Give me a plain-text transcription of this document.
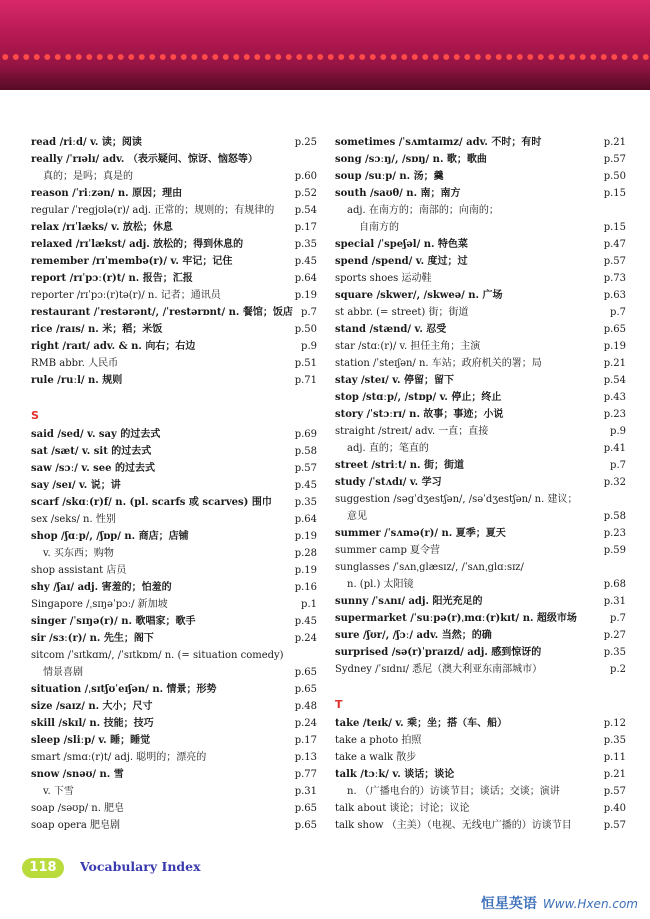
read /riːd/ v. 读；阅读	p.25
really /ˈrɪəlɪ/ adv. （表示疑问、惊讶、恼怒等）
真的；是吗；真是的	p.60
reason /ˈriːzən/ n. 原因；理由	p.52
regular /ˈregjʊlə(r)/ adj. 正常的；规则的；有规律的 p.54
relax /rɪˈlæks/ v. 放松；休息	p.17
relaxed /rɪˈlækst/ adj. 放松的；得到休息的	p.35
remember /rɪˈmembə(r)/ v. 牢记；记住	p.45
report /rɪˈpɔː(r)t/ n. 报告；汇报	p.64
reporter /rɪˈpɔː(r)tə(r)/ n. 记者；通讯员	p.19
restaurant /ˈrestərənt/, /ˈrestərɒnt/ n. 餐馆；饭店 p.7
rice /raɪs/ n. 米；稻；米饭	p.50
right /raɪt/ adv. & n. 向右；右边	p.9
RMB abbr. 人民币	p.51
rule /ruːl/ n. 规则	p.71
S
said /sed/ v. say 的过去式	p.69
sat /sæt/ v. sit 的过去式	p.58
saw /sɔː/ v. see 的过去式	p.57
say /seɪ/ v. 说；讲	p.45
scarf /skɑː(r)f/ n. (pl. scarfs 或 scarves) 围巾 p.35
sex /seks/ n. 性别	p.64
shop /ʃɑːp/, /ʃɒp/ n. 商店；店铺	p.19
v. 买东西；购物	p.28
shop assistant 店员	p.19
shy /ʃaɪ/ adj. 害羞的；怕羞的	p.16
Singapore /ˌsɪŋəˈpɔː/ 新加坡	p.1
singer /ˈsɪŋə(r)/ n. 歌唱家；歌手	p.45
sir /sɜː(r)/ n. 先生；阁下	p.24
sitcom /ˈsɪtkɑm/, /ˈsɪtkɒm/ n. (= situation comedy)
情景喜剧	p.65
situation /ˌsɪtʃʊˈeɪʃən/ n. 情景；形势	p.65
size /saɪz/ n. 大小；尺寸	p.48
skill /skɪl/ n. 技能；技巧	p.24
sleep /sliːp/ v. 睡；睡觉	p.17
smart /smɑː(r)t/ adj. 聪明的；漂亮的	p.13
snow /snəʊ/ n. 雪	p.77
v. 下雪	p.31
soap /səʊp/ n. 肥皂	p.65
soap opera 肥皂剧	p.65
sometimes /ˈsʌmtaɪmz/ adv. 不时；有时	p.21
song /sɔːŋ/, /sɒŋ/ n. 歌；歌曲	p.57
soup /suːp/ n. 汤；羹	p.50
south /saʊθ/ n. 南；南方	p.15
adj. 在南方的；南部的；向南的；
自南方的	p.15
special /ˈspeʃəl/ n. 特色菜	p.47
spend /spend/ v. 度过；过	p.57
sports shoes 运动鞋	p.73
square /skwer/, /skweə/ n. 广场	p.63
st abbr. (= street) 街；街道	p.7
stand /stænd/ v. 忍受	p.65
star /stɑː(r)/ v. 担任主角；主演	p.19
station /ˈsteɪʃən/ n. 车站；政府机关的署；局	p.21
stay /steɪ/ v. 停留；留下	p.54
stop /stɑːp/, /stɒp/ v. 停止；终止	p.43
story /ˈstɔːrɪ/ n. 故事；事迹；小说	p.23
straight /streɪt/ adv. 一直；直接	p.9
adj. 直的；笔直的	p.41
street /striːt/ n. 街；街道	p.7
study /ˈstʌdɪ/ v. 学习	p.32
suggestion /səgˈdʒestʃən/, /səˈdʒestʃən/ n. 建议；
意见	p.58
summer /ˈsʌmə(r)/ n. 夏季；夏天	p.23
summer camp 夏令营	p.59
sunglasses /ˈsʌnˌglæsɪz/, /ˈsʌnˌglɑːsɪz/
n. (pl.) 太阳镜	p.68
sunny /ˈsʌnɪ/ adj. 阳光充足的	p.31
supermarket /ˈsuːpə(r)ˌmɑː(r)kɪt/ n. 超级市场	p.7
sure /ʃʊr/, /ʃɔː/ adv. 当然；的确	p.27
surprised /sə(r)ˈpraɪzd/ adj. 感到惊讶的	p.35
Sydney /ˈsɪdnɪ/ 悉尼（澳大利亚东南部城市）	p.2
T
take /teɪk/ v. 乘；坐；搭（车、船）	p.12
take a photo 拍照	p.35
take a walk 散步	p.11
talk /tɔːk/ v. 谈话；谈论	p.21
n. （广播电台的）访谈节目；谈话；交谈；演讲	p.57
talk about 谈论；讨论；议论	p.40
talk show （主美）（电视、无线电广播的）访谈节目	p.57
118	Vocabulary Index
恒星英语 Www.Hxen.com
